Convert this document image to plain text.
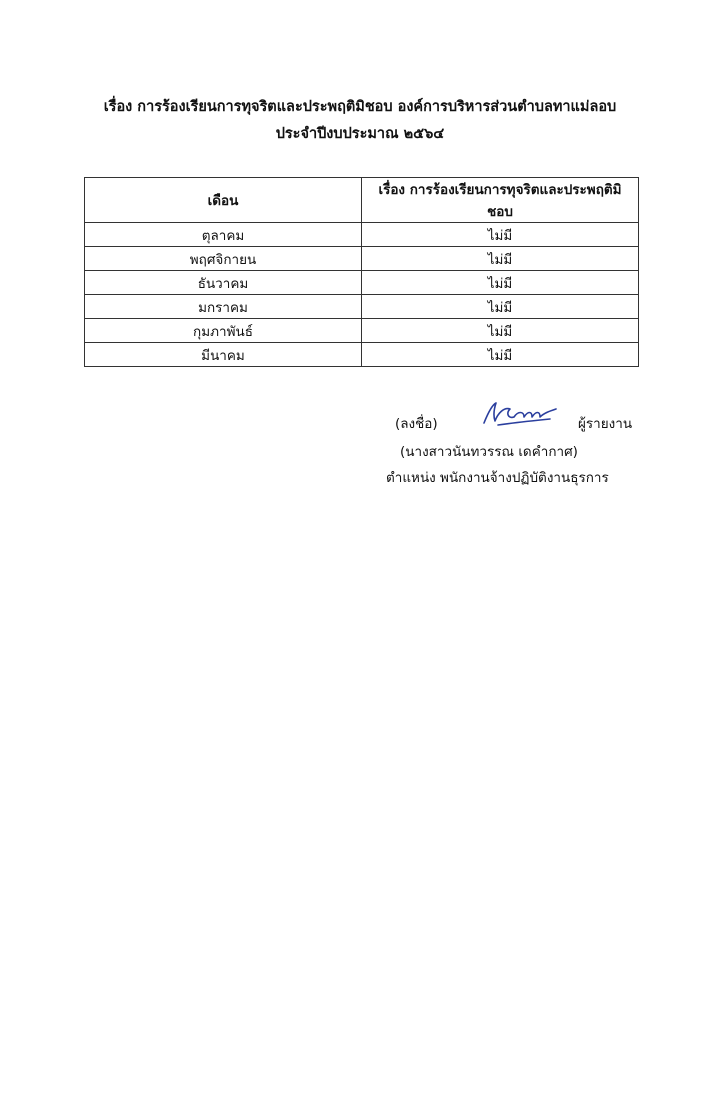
เรื่อง การร้องเรียนการทุจริตและประพฤติมิชอบ องค์การบริหารส่วนตำบลทาแม่ลอบ
ประจำปีงบประมาณ ๒๕๖๔
เดือน	เรื่อง การร้องเรียนการทุจริตและประพฤติมิชอบ
ตุลาคม	ไม่มี
พฤศจิกายน	ไม่มี
ธันวาคม	ไม่มี
มกราคม	ไม่มี
กุมภาพันธ์	ไม่มี
มีนาคม	ไม่มี
(ลงชื่อ)	ผู้รายงาน
(นางสาวนันทวรรณ เดคำกาศ)
ตำแหน่ง พนักงานจ้างปฏิบัติงานธุรการ
